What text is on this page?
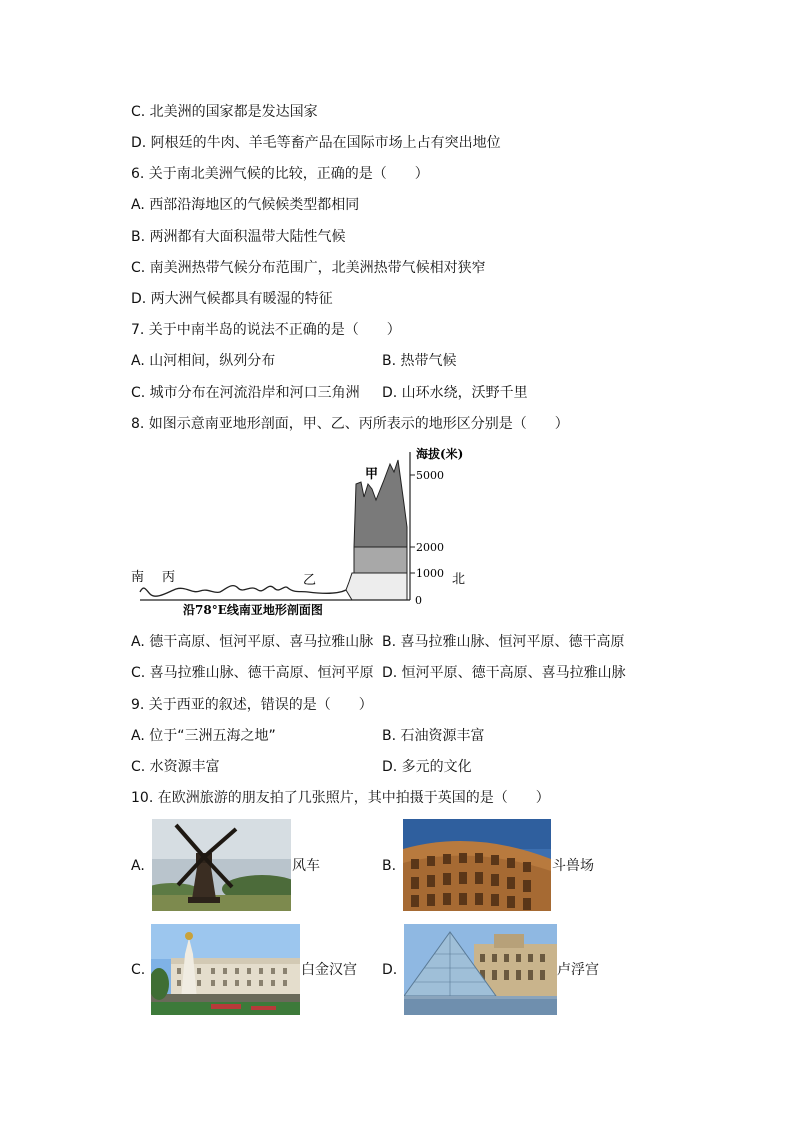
C. 北美洲的国家都是发达国家
D. 阿根廷的牛肉、羊毛等畜产品在国际市场上占有突出地位
6. 关于南北美洲气候的比较，正确的是（　　）
A. 西部沿海地区的气候候类型都相同
B. 两洲都有大面积温带大陆性气候
C. 南美洲热带气候分布范围广，北美洲热带气候相对狭窄
D. 两大洲气候都具有暖湿的特征
7. 关于中南半岛的说法不正确的是（　　）
A. 山河相间，纵列分布	B. 热带气候
C. 城市分布在河流沿岸和河口三角洲 D. 山环水绕，沃野千里
8. 如图示意南亚地形剖面，甲、乙、丙所表示的地形区分别是（　　）
海拔(米)
5000
2000
1000
0
甲
乙
丙
南	北
沿78°E线南亚地形剖面图
A. 德干高原、恒河平原、喜马拉雅山脉 B. 喜马拉雅山脉、恒河平原、德干高原
C. 喜马拉雅山脉、德干高原、恒河平原 D. 恒河平原、德干高原、喜马拉雅山脉
9. 关于西亚的叙述，错误的是（　　）
A. 位于“三洲五海之地”	B. 石油资源丰富
C. 水资源丰富	D. 多元的文化
10. 在欧洲旅游的朋友拍了几张照片，其中拍摄于英国的是（　　）
A.	风车	B.	斗兽场
C.	白金汉宫 D.	卢浮宫
